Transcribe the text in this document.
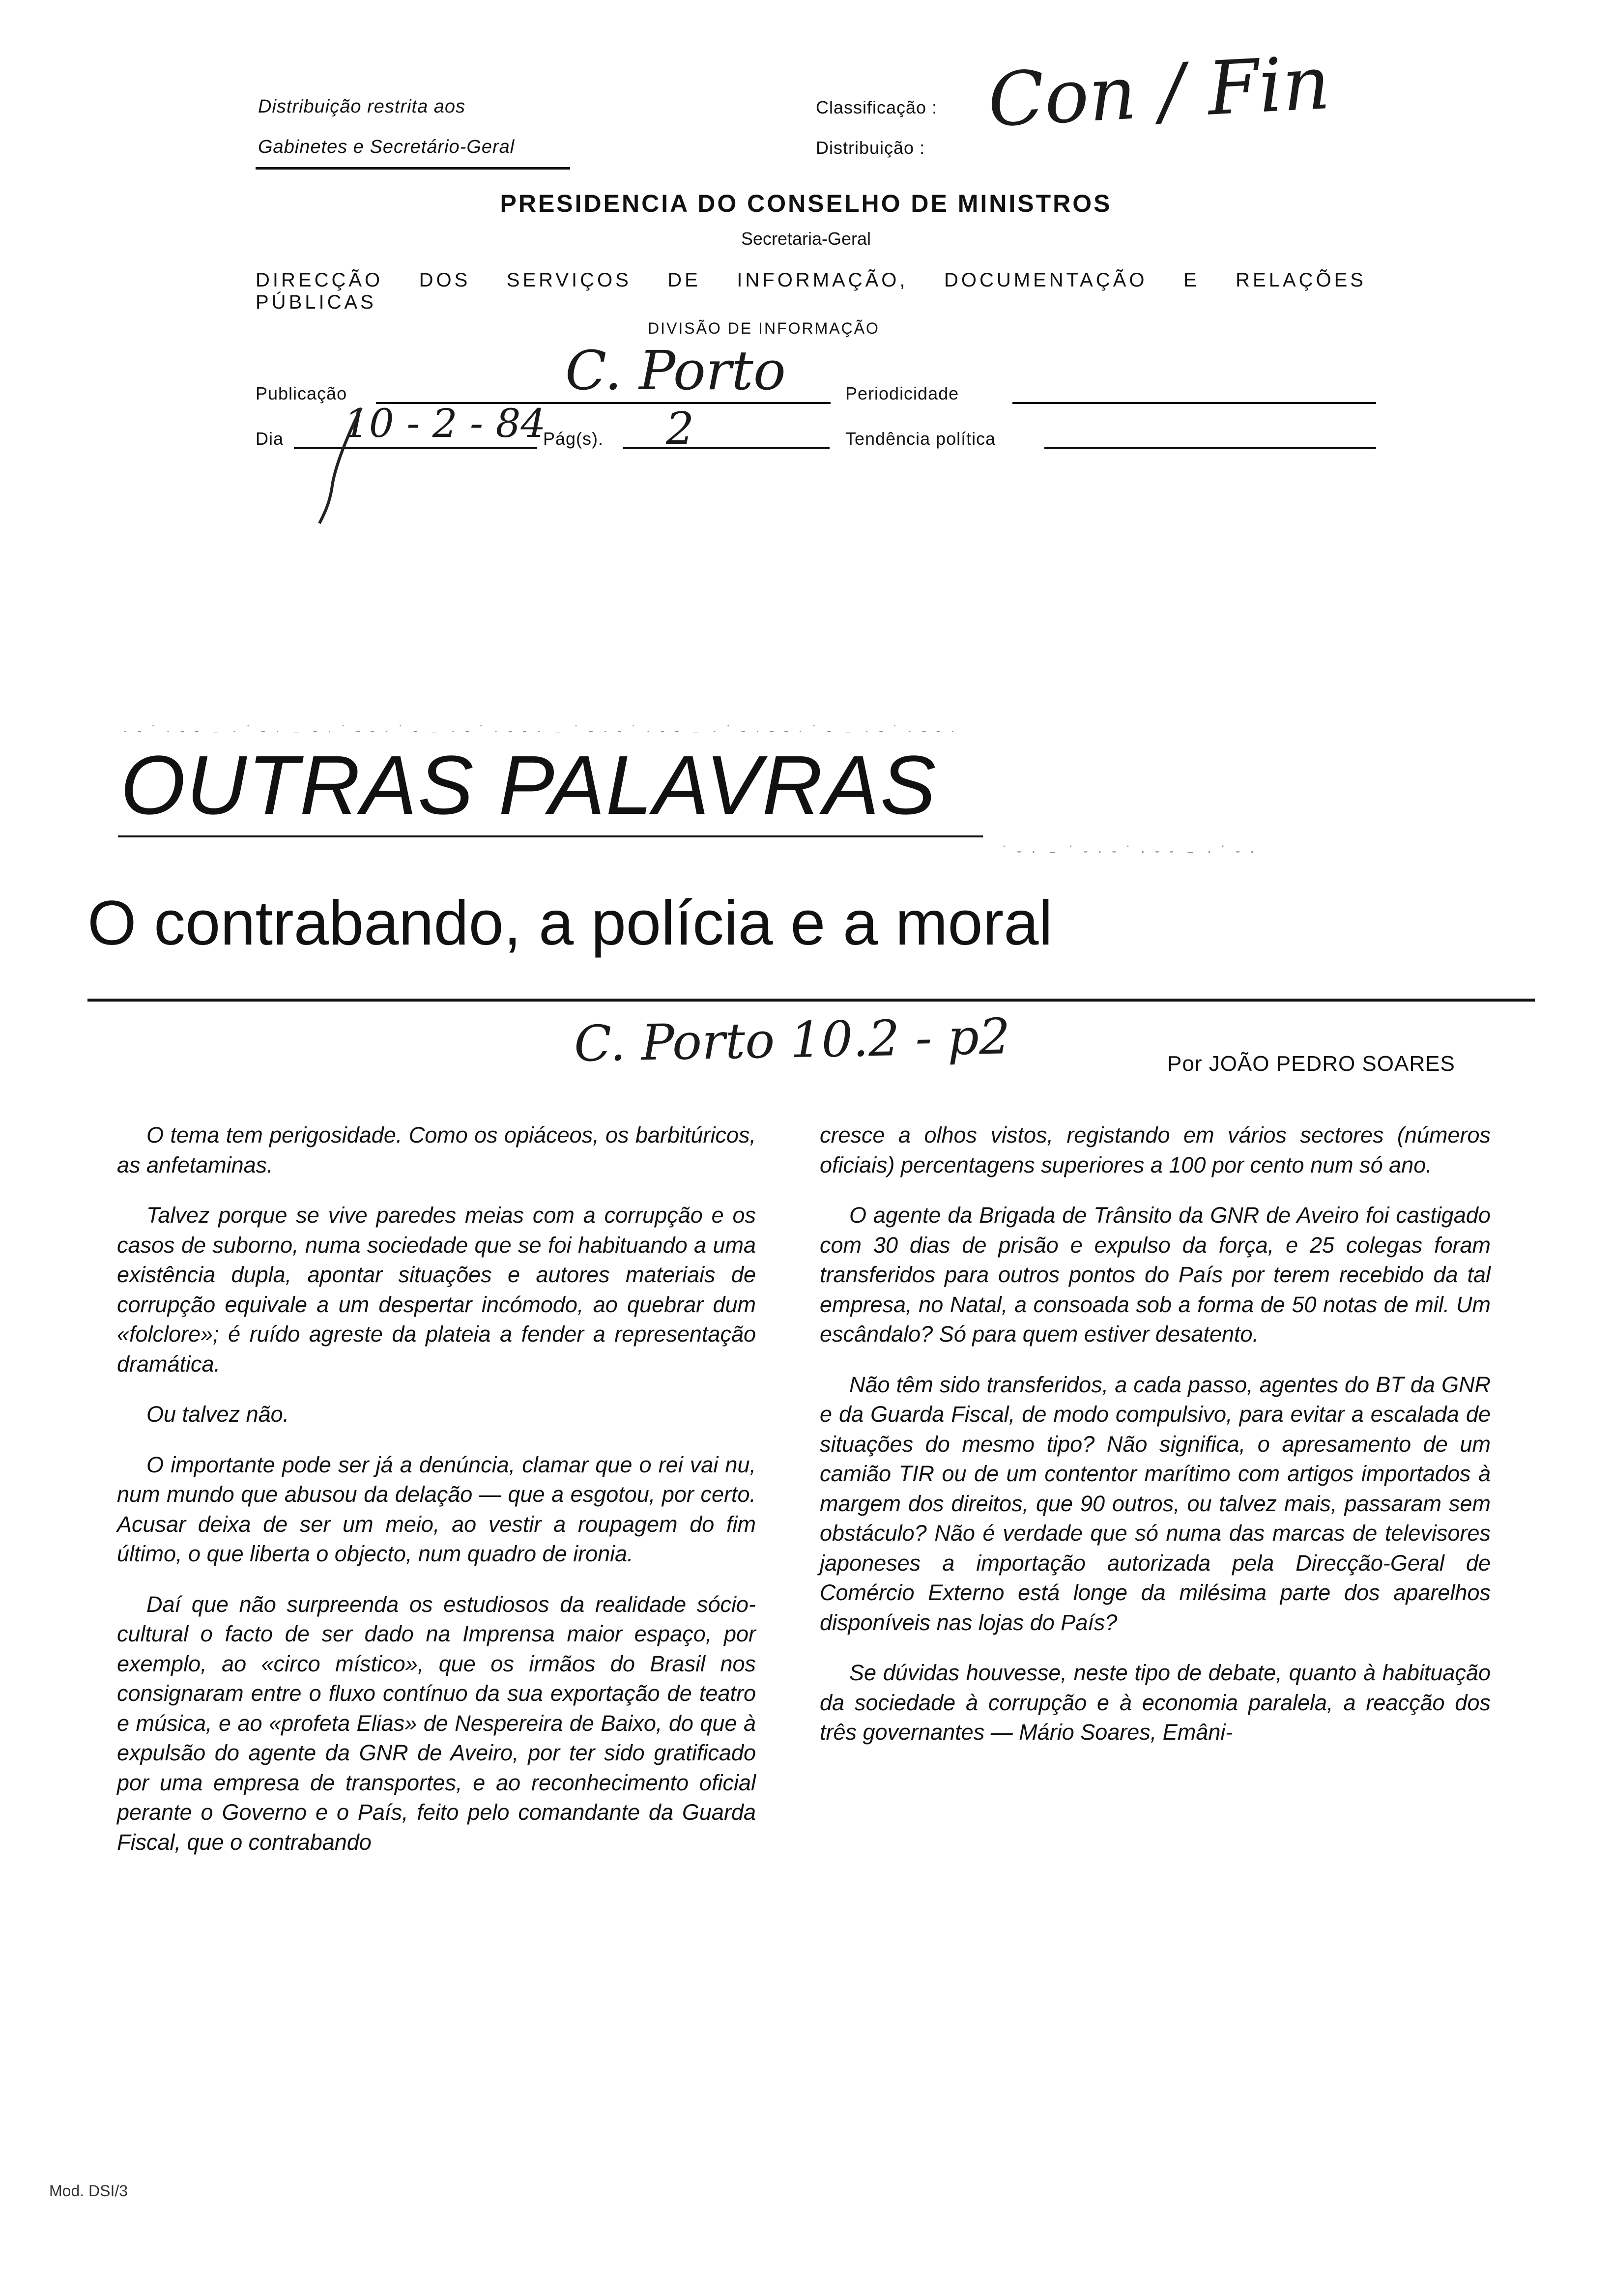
Distribuição restrita aos
Gabinetes e Secretário-Geral
Classificação : Con / Fin
Distribuição :
PRESIDENCIA DO CONSELHO DE MINISTROS
Secretaria-Geral
DIRECÇÃO DOS SERVIÇOS DE INFORMAÇÃO, DOCUMENTAÇÃO E RELAÇÕES PÚBLICAS
DIVISÃO DE INFORMAÇÃO
Publicação	C. Porto	Periodicidade
Dia 10 - 2 - 84
Pág(s). 2	Tendência política
· ‐ ˙ · ‐ ‐ ﹣ · ˙ ‐ · ﹣ ‐ · ˙ ‐ ‐ · ˙ ‐ ﹣ · ‐ ˙ · ‐ ‐ · ﹣ ˙ ‐ · ‐ ˙ · ‐ ‐ ﹣ · ˙ ‐ · ‐ ‐ · ˙ ‐ ﹣ · ‐ ˙ · ‐ ‐ ·
˙ ‐ · ﹣ ˙ ‐ · ‐ ˙ · ‐ ‐ ﹣ · ˙ ‐ ·
OUTRAS PALAVRAS
O contrabando, a polícia e a moral
C. Porto 10.2 - p2	Por JOÃO PEDRO SOARES

O tema tem perigosidade. Como os opiáceos, os barbitúricos, as anfetaminas.

Talvez porque se vive paredes meias com a corrupção e os casos de suborno, numa sociedade que se foi habituando a uma existência dupla, apontar situações e autores materiais de corrupção equivale a um despertar incómodo, ao quebrar dum «folclore»; é ruído agreste da plateia a fender a representação dramática.

Ou talvez não.

O importante pode ser já a denúncia, clamar que o rei vai nu, num mundo que abusou da delação — que a esgotou, por certo. Acusar deixa de ser um meio, ao vestir a roupagem do fim último, o que liberta o objecto, num quadro de ironia.

Daí que não surpreenda os estudiosos da realidade sócio-cultural o facto de ser dado na Imprensa maior espaço, por exemplo, ao «circo místico», que os irmãos do Brasil nos consignaram entre o fluxo contínuo da sua exportação de teatro e música, e ao «profeta Elias» de Nespereira de Baixo, do que à expulsão do agente da GNR de Aveiro, por ter sido gratificado por uma empresa de transportes, e ao reconhecimento oficial perante o Governo e o País, feito pelo comandante da Guarda Fiscal, que o contrabando

cresce a olhos vistos, registando em vários sectores (números oficiais) percentagens superiores a 100 por cento num só ano.

O agente da Brigada de Trânsito da GNR de Aveiro foi castigado com 30 dias de prisão e expulso da força, e 25 colegas foram transferidos para outros pontos do País por terem recebido da tal empresa, no Natal, a consoada sob a forma de 50 notas de mil. Um escândalo? Só para quem estiver desatento.

Não têm sido transferidos, a cada passo, agentes do BT da GNR e da Guarda Fiscal, de modo compulsivo, para evitar a escalada de situações do mesmo tipo? Não significa, o apresamento de um camião TIR ou de um contentor marítimo com artigos importados à margem dos direitos, que 90 outros, ou talvez mais, passaram sem obstáculo? Não é verdade que só numa das marcas de televisores japoneses a importação autorizada pela Direcção-Geral de Comércio Externo está longe da milésima parte dos aparelhos disponíveis nas lojas do País?

Se dúvidas houvesse, neste tipo de debate, quanto à habituação da sociedade à corrupção e à economia paralela, a reacção dos três governantes — Mário Soares, Emâni-

Mod. DSI/3
